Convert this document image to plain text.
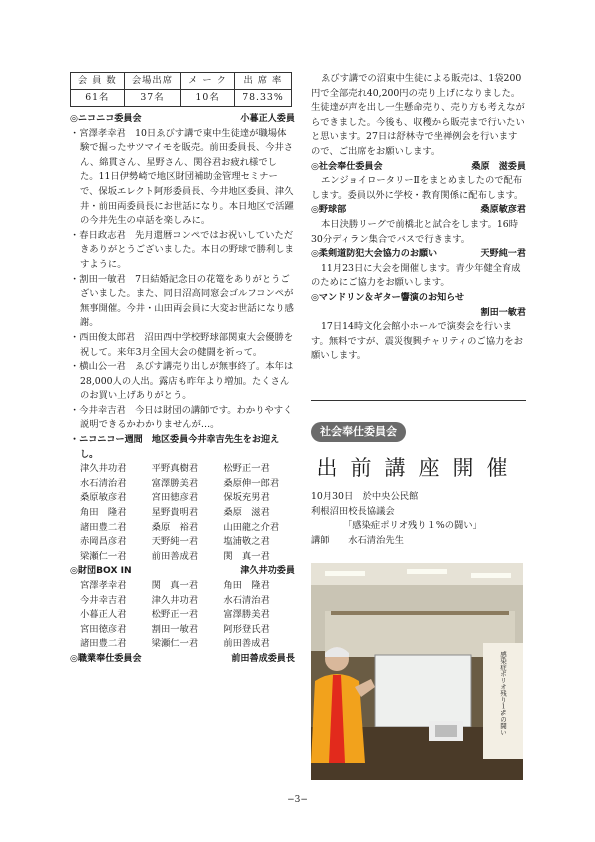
会 員 数	会場出席	メ ー ク	出 席 率
61名	37名	10名	78.33%
◎ニコニコ委員会	小暮正人委員
・宮澤孝幸君　10日ゑびす講で東中生徒達が職場体験で掘ったサツマイモを販売。前田委員長、今井さん、綿貫さん、星野さん、関谷君お疲れ様でした。11日伊勢崎で地区財団補助金管理セミナーで、保坂エレクト阿形委員長、今井地区委員、津久井・前田両委員長にお世話になり。本日地区で活躍の今井先生の卓話を楽しみに。
・春日政志君　先月還暦コンペではお祝いしていただきありがとうございました。本日の野球で勝利しますように。
・割田一敏君　7日結婚記念日の花篭をありがとうございました。また、同日沼高同窓会ゴルフコンペが無事開催。今井・山田両会員に大変お世話になり感謝。
・西田俊太郎君　沼田西中学校野球部関東大会優勝を祝して。来年3月全国大会の健闘を祈って。
・横山公一君　ゑびす講売り出しが無事終了。本年は28,000人の人出。露店も昨年より増加。たくさんのお買い上げありがとう。
・今井幸吉君　今日は財団の講師です。わかりやすく説明できるかわかりませんが…。
・ニコニコー週間　地区委員今井幸吉先生をお迎えし。
津久井功君	平野真樹君	松野正一君
水石清治君	富澤勝美君	桑原伸一郎君
桑原敏彦君	宮田徳彦君	保坂充男君
角田　隆君	星野貴明君	桑原　滋君
諸田豊二君	桑原　裕君	山田龍之介君
赤岡昌彦君	天野純一君	塩浦敬之君
梁瀬仁一君	前田善成君	関　真一君
◎財団BOX IN	津久井功委員
宮澤孝幸君	関　真一君	角田　隆君
今井幸吉君	津久井功君	水石清治君
小暮正人君	松野正一君	富澤勝美君
宮田徳彦君	割田一敏君	阿形登氏君
諸田豊二君	梁瀬仁一君	前田善成君
◎職業奉仕委員会	前田善成委員長
ゑびす講での沼東中生徒による販売は、1袋200円で全部売れ40,200円の売り上げになりました。生徒達が声を出し一生懸命売り、売り方も考えながらできました。今後も、収穫から販売まで行いたいと思います。27日は舒林寺で坐禅例会を行いますので、ご出席をお願いします。
◎社会奉仕委員会	桑原　滋委員
エンジョイロータリーⅡをまとめましたので配布します。委員以外に学校・教育関係に配布します。
◎野球部	桑原敏彦君
本日決勝リーグで前橋北と試合をします。16時30分ディラン集合でバスで行きます。
◎柔剣道防犯大会協力のお願い	天野純一君
11月23日に大会を開催します。青少年健全育成のためにご協力をお願いします。
◎マンドリン＆ギター響演のお知らせ
割田一敏君
17日14時文化会館小ホールで演奏会を行います。無料ですが、震災復興チャリティのご協力をお願いします。
社会奉仕委員会
出前講座開催
10月30日　於中央公民館
利根沼田校長協議会
「感染症ポリオ残り１%の闘い」
講師　　水石清治先生
感染症ポリオ残り１%の闘い
−3−
